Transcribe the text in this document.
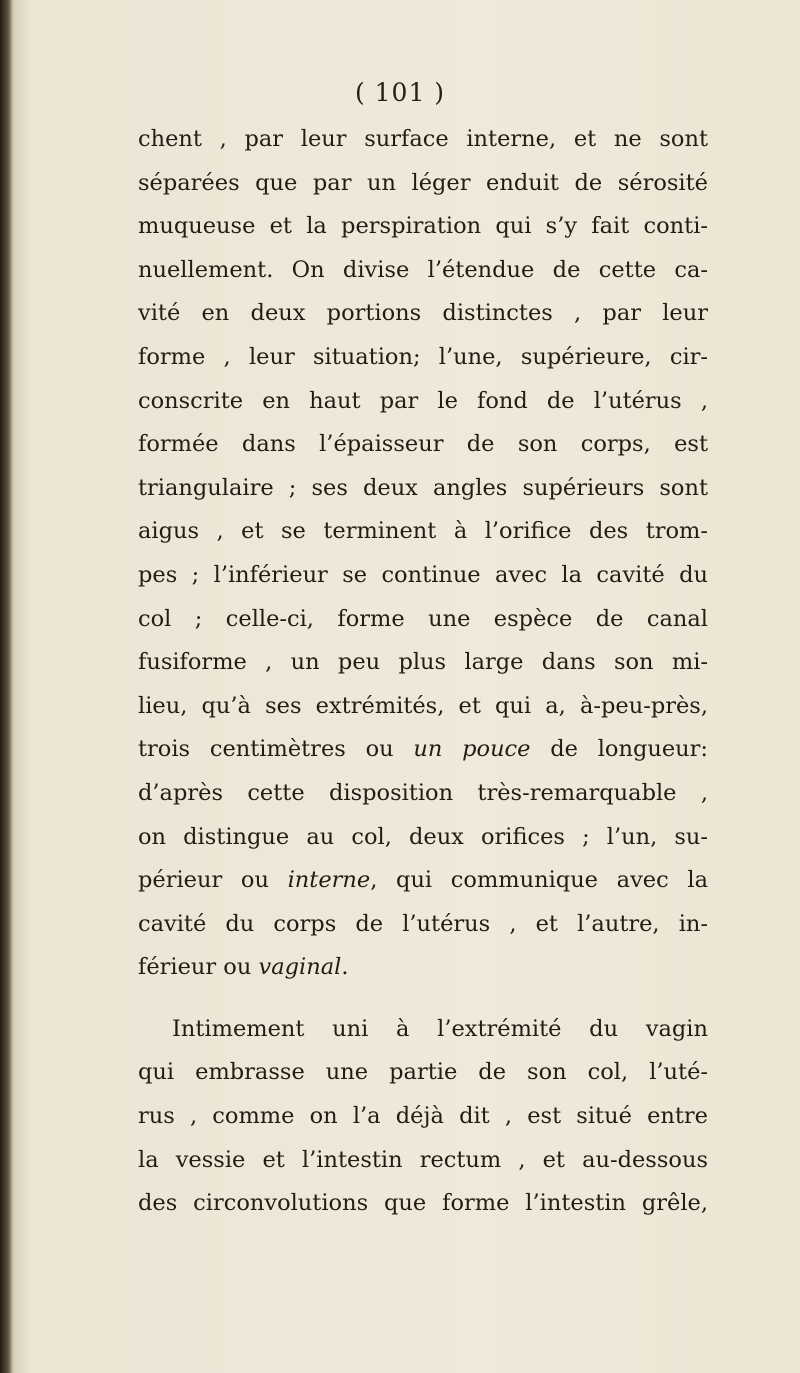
( 101 )
chent , par leur surface interne, et ne sont
séparées que par un léger enduit de sérosité
muqueuse et la perspiration qui s’y fait conti-
nuellement. On divise l’étendue de cette ca-
vité en deux portions distinctes , par leur
forme , leur situation; l’une, supérieure, cir-
conscrite en haut par le fond de l’utérus ,
formée dans l’épaisseur de son corps, est
triangulaire ; ses deux angles supérieurs sont
aigus , et se terminent à l’orifice des trom-
pes ; l’inférieur se continue avec la cavité du
col ; celle-ci, forme une espèce de canal
fusiforme , un peu plus large dans son mi-
lieu, qu’à ses extrémités, et qui a, à-peu-près,
trois centimètres ou un pouce de longueur:
d’après cette disposition très-remarquable ,
on distingue au col, deux orifices ; l’un, su-
périeur ou interne, qui communique avec la
cavité du corps de l’utérus , et l’autre, in-
férieur ou vaginal.
Intimement uni à l’extrémité du vagin
qui embrasse une partie de son col, l’uté-
rus , comme on l’a déjà dit , est situé entre
la vessie et l’intestin rectum , et au-dessous
des circonvolutions que forme l’intestin grêle,
